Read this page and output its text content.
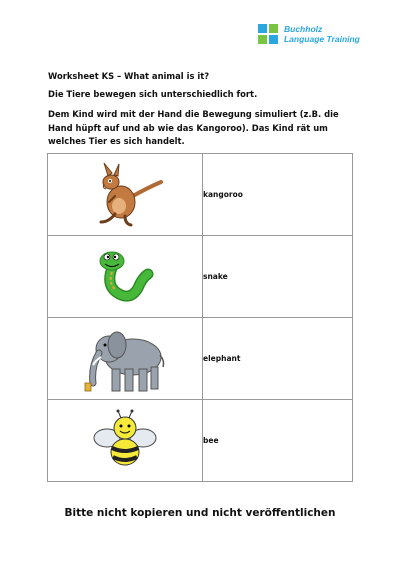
Buchholz
Language Training
Worksheet KS – What animal is it?
Die Tiere bewegen sich unterschiedlich fort.
Dem Kind wird mit der Hand die Bewegung simuliert (z.B. die Hand hüpft auf und ab wie das Kangoroo). Das Kind rät um welches Tier es sich handelt.
	kangoroo

	snake

	elephant

	bee
Bitte nicht kopieren und nicht veröffentlichen
